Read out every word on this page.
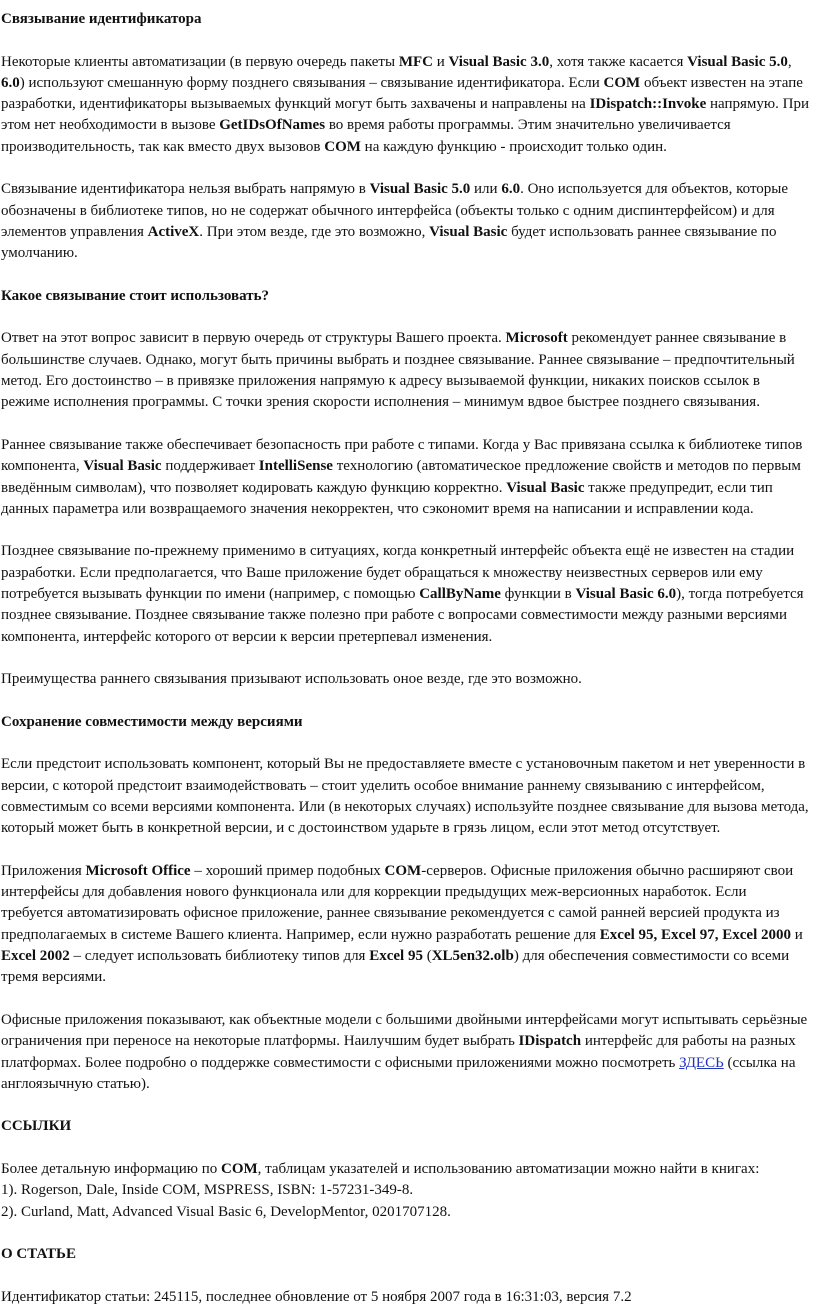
Связывание идентификатора

Некоторые клиенты автоматизации (в первую очередь пакеты MFC и Visual Basic 3.0, хотя также касается Visual Basic 5.0, 6.0) используют смешанную форму позднего связывания – связывание идентификатора. Если COM объект известен на этапе разработки, идентификаторы вызываемых функций могут быть захвачены и направлены на IDispatch::Invoke напрямую. При этом нет необходимости в вызове GetIDsOfNames во время работы программы. Этим значительно увеличивается производительность, так как вместо двух вызовов COM на каждую функцию - происходит только один.

Связывание идентификатора нельзя выбрать напрямую в Visual Basic 5.0 или 6.0. Оно используется для объектов, которые обозначены в библиотеке типов, но не содержат обычного интерфейса (объекты только с одним диспинтерфейсом) и для элементов управления ActiveX. При этом везде, где это возможно, Visual Basic будет использовать раннее связывание по умолчанию.

Какое связывание стоит использовать?

Ответ на этот вопрос зависит в первую очередь от структуры Вашего проекта. Microsoft рекомендует раннее связывание в большинстве случаев. Однако, могут быть причины выбрать и позднее связывание. Раннее связывание – предпочтительный метод. Его достоинство – в привязке приложения напрямую к адресу вызываемой функции, никаких поисков ссылок в режиме исполнения программы. С точки зрения скорости исполнения – минимум вдвое быстрее позднего связывания.

Раннее связывание также обеспечивает безопасность при работе с типами. Когда у Вас привязана ссылка к библиотеке типов компонента, Visual Basic поддерживает IntelliSense технологию (автоматическое предложение свойств и методов по первым введённым символам), что позволяет кодировать каждую функцию корректно. Visual Basic также предупредит, если тип данных параметра или возвращаемого значения некорректен, что сэкономит время на написании и исправлении кода.

Позднее связывание по-прежнему применимо в ситуациях, когда конкретный интерфейс объекта ещё не известен на стадии разработки. Если предполагается, что Ваше приложение будет обращаться к множеству неизвестных серверов или ему потребуется вызывать функции по имени (например, с помощью CallByName функции в Visual Basic 6.0), тогда потребуется позднее связывание. Позднее связывание также полезно при работе с вопросами совместимости между разными версиями компонента, интерфейс которого от версии к версии претерпевал изменения.

Преимущества раннего связывания призывают использовать оное везде, где это возможно.

Сохранение совместимости между версиями

Если предстоит использовать компонент, который Вы не предоставляете вместе с установочным пакетом и нет уверенности в версии, с которой предстоит взаимодействовать – стоит уделить особое внимание раннему связыванию с интерфейсом, совместимым со всеми версиями компонента. Или (в некоторых случаях) используйте позднее связывание для вызова метода, который может быть в конкретной версии, и с достоинством ударьте в грязь лицом, если этот метод отсутствует.

Приложения Microsoft Office – хороший пример подобных COM-серверов. Офисные приложения обычно расширяют свои интерфейсы для добавления нового функционала или для коррекции предыдущих меж-версионных наработок. Если требуется автоматизировать офисное приложение, раннее связывание рекомендуется с самой ранней версией продукта из предполагаемых в системе Вашего клиента. Например, если нужно разработать решение для Excel 95, Excel 97, Excel 2000 и Excel 2002 – следует использовать библиотеку типов для Excel 95 (XL5en32.olb) для обеспечения совместимости со всеми тремя версиями.

Офисные приложения показывают, как объектные модели с большими двойными интерфейсами могут испытывать серьёзные ограничения при переносе на некоторые платформы. Наилучшим будет выбрать IDispatch интерфейс для работы на разных платформах. Более подробно о поддержке совместимости с офисными приложениями можно посмотреть ЗДЕСЬ (ссылка на англоязычную статью).

ССЫЛКИ

Более детальную информацию по COM, таблицам указателей и использованию автоматизации можно найти в книгах:

1). Rogerson, Dale, Inside COM, MSPRESS, ISBN: 1-57231-349-8.

2). Curland, Matt, Advanced Visual Basic 6, DevelopMentor, 0201707128.

О СТАТЬЕ

Идентификатор статьи: 245115, последнее обновление от 5 ноября 2007 года в 16:31:03, версия 7.2
